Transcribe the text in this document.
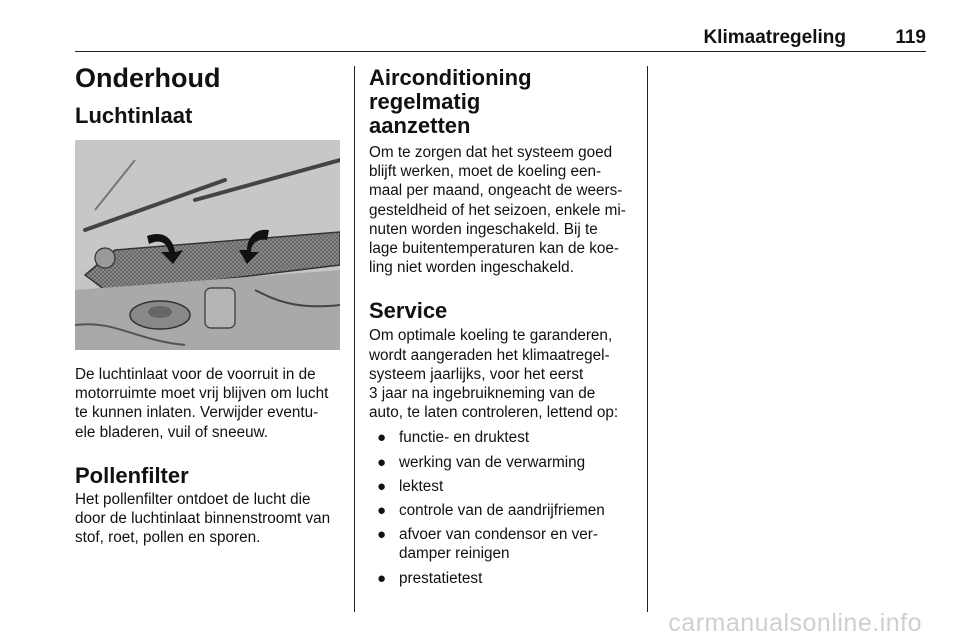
Klimaatregeling	119
Onderhoud
Luchtinlaat
De luchtinlaat voor de voorruit in de
motorruimte moet vrij blijven om lucht
te kunnen inlaten. Verwijder eventu-
ele bladeren, vuil of sneeuw.
Pollenfilter
Het pollenfilter ontdoet de lucht die
door de luchtinlaat binnenstroomt van
stof, roet, pollen en sporen.
Airconditioning regelmatig
aanzetten
Om te zorgen dat het systeem goed
blijft werken, moet de koeling een-
maal per maand, ongeacht de weers-
gesteldheid of het seizoen, enkele mi-
nuten worden ingeschakeld. Bij te
lage buitentemperaturen kan de koe-
ling niet worden ingeschakeld.
Service
Om optimale koeling te garanderen,
wordt aangeraden het klimaatregel-
systeem jaarlijks, voor het eerst
3 jaar na ingebruikneming van de
auto, te laten controleren, lettend op:
● functie- en druktest
● werking van de verwarming
● lektest
● controle van de aandrijfriemen
● afvoer van condensor en ver-
damper reinigen
● prestatietest
carmanualsonline.info
